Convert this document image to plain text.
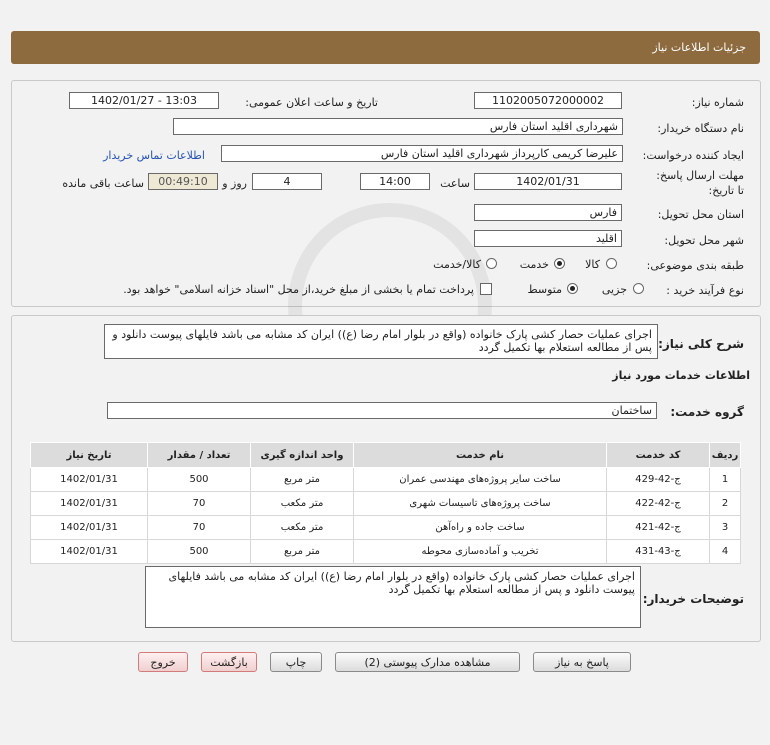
جزئیات اطلاعات نیاز
شماره نیاز:
1102005072000002
تاریخ و ساعت اعلان عمومی:
1402/01/27 - 13:03
نام دستگاه خریدار:
شهرداری اقلید استان فارس
ایجاد کننده درخواست:
علیرضا کریمی کارپرداز شهرداری اقلید استان فارس
اطلاعات تماس خریدار
مهلت ارسال پاسخ: تا تاریخ:
1402/01/31
ساعت
14:00
4
روز و
00:49:10
ساعت باقی مانده
استان محل تحویل:
فارس
شهر محل تحویل:
اقلید
طبقه بندی موضوعی:
کالا
خدمت
کالا/خدمت
نوع فرآیند خرید :
جزیی
متوسط
پرداخت تمام یا بخشی از مبلغ خرید،از محل "اسناد خزانه اسلامی" خواهد بود.
شرح کلی نیاز:
اجرای عملیات حصار کشی پارک خانواده (واقع در بلوار امام رضا (ع)) ایران کد مشابه می باشد فایلهای پیوست دانلود و پس از مطالعه استعلام بها تکمیل گردد
اطلاعات خدمات مورد نیاز
گروه خدمت:
ساختمان
ردیف	کد خدمت	نام خدمت	واحد اندازه گیری	تعداد / مقدار	تاریخ نیاز
1	ج-42-429	ساخت سایر پروژه‌های مهندسی عمران	متر مربع	500	1402/01/31
2	ج-42-422	ساخت پروژه‌های تاسیسات شهری	متر مکعب	70	1402/01/31
3	ج-42-421	ساخت جاده و راه‌آهن	متر مکعب	70	1402/01/31
4	ج-43-431	تخریب و آماده‌سازی محوطه	متر مربع	500	1402/01/31
توضیحات خریدار:
اجرای عملیات حصار کشی پارک خانواده (واقع در بلوار امام رضا (ع)) ایران کد مشابه می باشد فایلهای پیوست دانلود و پس از مطالعه استعلام بها تکمیل گردد
پاسخ به نیاز
مشاهده مدارک پیوستی (2)
چاپ
بازگشت
خروج
